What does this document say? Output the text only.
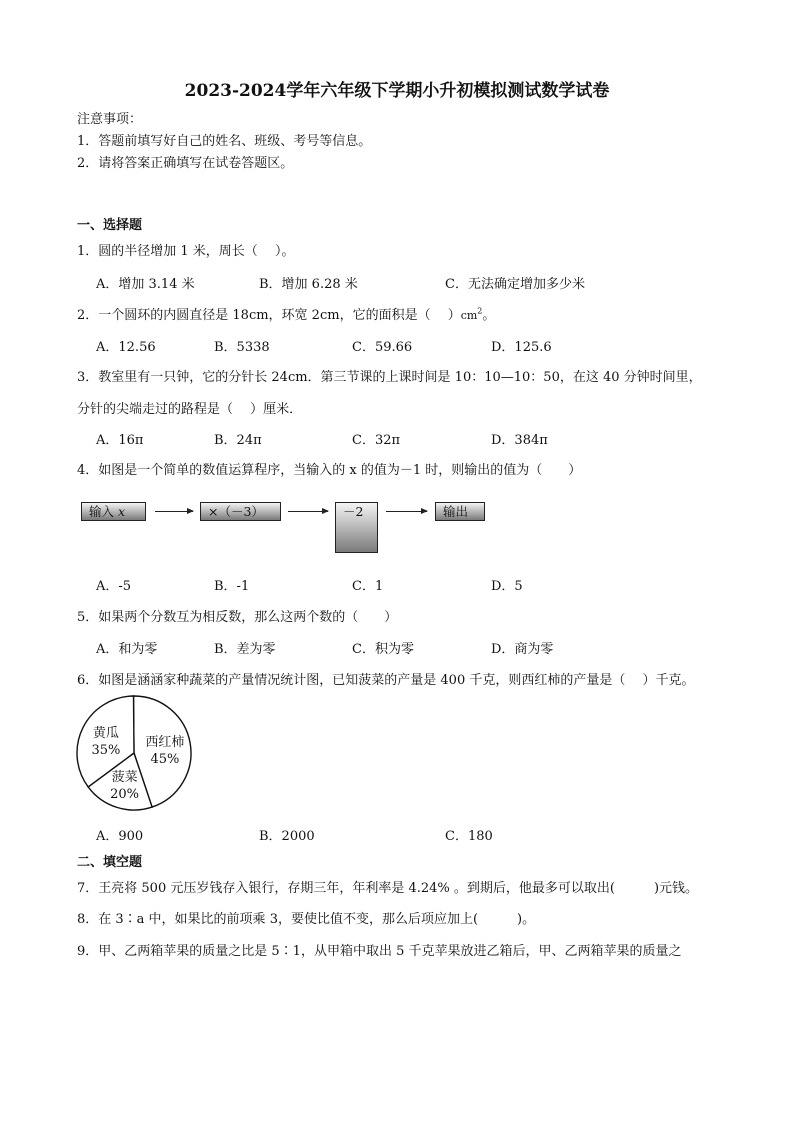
2023-2024学年六年级下学期小升初模拟测试数学试卷
注意事项：
1．答题前填写好自己的姓名、班级、考号等信息。
2．请将答案正确填写在试卷答题区。
一、选择题
1．圆的半径增加 1 米，周长（　 ）。
A．增加 3.14 米	B．增加 6.28 米	C．无法确定增加多少米
2．一个圆环的内圆直径是 18cm，环宽 2cm，它的面积是（　 ）$cm^2$。
A．12.56	B．5338	C．59.66	D．125.6
3．教室里有一只钟，它的分针长 24cm．第三节课的上课时间是 10：10—10：50，在这 40 分钟时间里，
分针的尖端走过的路程是（　 ）厘米．
A．16π	B．24π	C．32π	D．384π
4．如图是一个简单的数值运算程序，当输入的 x 的值为－1 时，则输出的值为（　　）
输入 x	×（－3）	－2	输出
A．-5	B．-1	C．1	D．5
5．如果两个分数互为相反数，那么这两个数的（　　）
A．和为零	B．差为零	C．积为零	D．商为零
6．如图是涵涵家种蔬菜的产量情况统计图，已知菠菜的产量是 400 千克，则西红柿的产量是（　 ）千克。
西红柿
45%
菠菜
20%
黄瓜
35%
A．900	B．2000	C．180
二、填空题
7．王亮将 500 元压岁钱存入银行，存期三年，年利率是 4.24% 。到期后，他最多可以取出(　　　)元钱。
8．在 3∶a 中，如果比的前项乘 3，要使比值不变，那么后项应加上(　　　)。
9．甲、乙两箱苹果的质量之比是 5∶1，从甲箱中取出 5 千克苹果放进乙箱后，甲、乙两箱苹果的质量之
